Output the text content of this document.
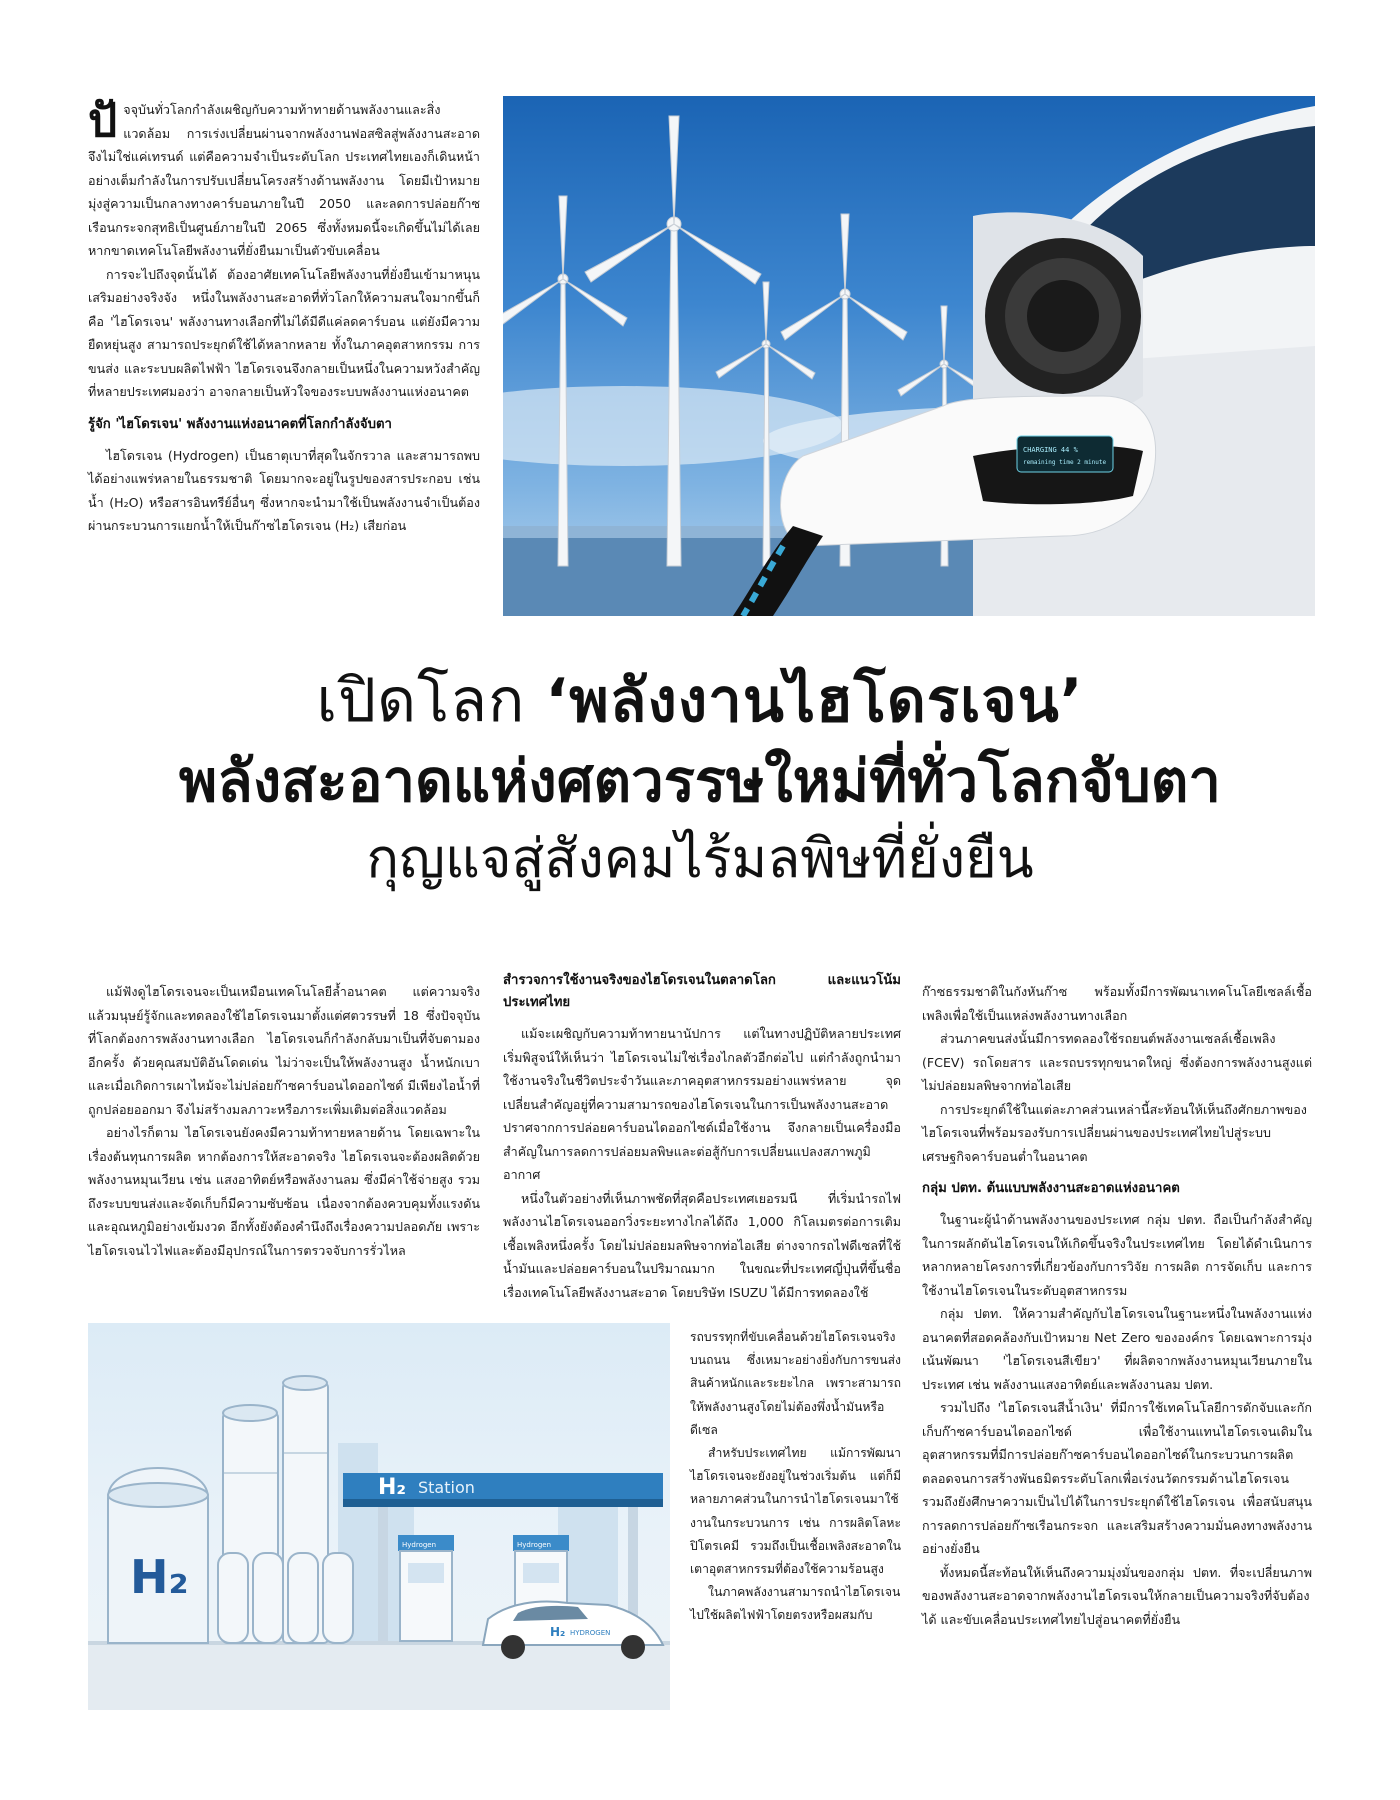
ปัจจุบันทั่วโลกกำลังเผชิญกับความท้าทายด้านพลังงานและสิ่งแวดล้อม การเร่งเปลี่ยนผ่านจากพลังงานฟอสซิลสู่พลังงานสะอาดจึงไม่ใช่แค่เทรนด์ แต่คือความจำเป็นระดับโลก ประเทศไทยเองก็เดินหน้าอย่างเต็มกำลังในการปรับเปลี่ยนโครงสร้างด้านพลังงาน โดยมีเป้าหมายมุ่งสู่ความเป็นกลางทางคาร์บอนภายในปี 2050 และลดการปล่อยก๊าซเรือนกระจกสุทธิเป็นศูนย์ภายในปี 2065 ซึ่งทั้งหมดนี้จะเกิดขึ้นไม่ได้เลยหากขาดเทคโนโลยีพลังงานที่ยั่งยืนมาเป็นตัวขับเคลื่อน

การจะไปถึงจุดนั้นได้ ต้องอาศัยเทคโนโลยีพลังงานที่ยั่งยืนเข้ามาหนุนเสริมอย่างจริงจัง หนึ่งในพลังงานสะอาดที่ทั่วโลกให้ความสนใจมากขึ้นก็คือ 'ไฮโดรเจน' พลังงานทางเลือกที่ไม่ได้มีดีแค่ลดคาร์บอน แต่ยังมีความยืดหยุ่นสูง สามารถประยุกต์ใช้ได้หลากหลาย ทั้งในภาคอุตสาหกรรม การขนส่ง และระบบผลิตไฟฟ้า ไฮโดรเจนจึงกลายเป็นหนึ่งในความหวังสำคัญที่หลายประเทศมองว่า อาจกลายเป็นหัวใจของระบบพลังงานแห่งอนาคต

รู้จัก 'ไฮโดรเจน' พลังงานแห่งอนาคตที่โลกกำลังจับตา

ไฮโดรเจน (Hydrogen) เป็นธาตุเบาที่สุดในจักรวาล และสามารถพบได้อย่างแพร่หลายในธรรมชาติ โดยมากจะอยู่ในรูปของสารประกอบ เช่น น้ำ (H₂O) หรือสารอินทรีย์อื่นๆ ซึ่งหากจะนำมาใช้เป็นพลังงานจำเป็นต้องผ่านกระบวนการแยกน้ำให้เป็นก๊าซไฮโดรเจน (H₂) เสียก่อน

CHARGING 44 %
remaining time 2 minute
เปิดโลก ‘พลังงานไฮโดรเจน’
พลังสะอาดแห่งศตวรรษใหม่ที่ทั่วโลกจับตา
กุญแจสู่สังคมไร้มลพิษที่ยั่งยืน

แม้ฟังดูไฮโดรเจนจะเป็นเหมือนเทคโนโลยีล้ำอนาคต แต่ความจริงแล้วมนุษย์รู้จักและทดลองใช้ไฮโดรเจนมาตั้งแต่ศตวรรษที่ 18 ซึ่งปัจจุบันที่โลกต้องการพลังงานทางเลือก ไฮโดรเจนก็กำลังกลับมาเป็นที่จับตามองอีกครั้ง ด้วยคุณสมบัติอันโดดเด่น ไม่ว่าจะเป็นให้พลังงานสูง น้ำหนักเบา และเมื่อเกิดการเผาไหม้จะไม่ปล่อยก๊าซคาร์บอนไดออกไซด์ มีเพียงไอน้ำที่ถูกปล่อยออกมา จึงไม่สร้างมลภาวะหรือภาระเพิ่มเติมต่อสิ่งแวดล้อม

อย่างไรก็ตาม ไฮโดรเจนยังคงมีความท้าทายหลายด้าน โดยเฉพาะในเรื่องต้นทุนการผลิต หากต้องการให้สะอาดจริง ไฮโดรเจนจะต้องผลิตด้วยพลังงานหมุนเวียน เช่น แสงอาทิตย์หรือพลังงานลม ซึ่งมีค่าใช้จ่ายสูง รวมถึงระบบขนส่งและจัดเก็บก็มีความซับซ้อน เนื่องจากต้องควบคุมทั้งแรงดันและอุณหภูมิอย่างเข้มงวด อีกทั้งยังต้องคำนึงถึงเรื่องความปลอดภัย เพราะไฮโดรเจนไวไฟและต้องมีอุปกรณ์ในการตรวจจับการรั่วไหล

สำรวจการใช้งานจริงของไฮโดรเจนในตลาดโลก และแนวโน้มประเทศไทย

แม้จะเผชิญกับความท้าทายนานัปการ แต่ในทางปฏิบัติหลายประเทศเริ่มพิสูจน์ให้เห็นว่า ไฮโดรเจนไม่ใช่เรื่องไกลตัวอีกต่อไป แต่กำลังถูกนำมาใช้งานจริงในชีวิตประจำวันและภาคอุตสาหกรรมอย่างแพร่หลาย จุดเปลี่ยนสำคัญอยู่ที่ความสามารถของไฮโดรเจนในการเป็นพลังงานสะอาด ปราศจากการปล่อยคาร์บอนไดออกไซด์เมื่อใช้งาน จึงกลายเป็นเครื่องมือสำคัญในการลดการปล่อยมลพิษและต่อสู้กับการเปลี่ยนแปลงสภาพภูมิอากาศ

หนึ่งในตัวอย่างที่เห็นภาพชัดที่สุดคือประเทศเยอรมนี ที่เริ่มนำรถไฟพลังงานไฮโดรเจนออกวิ่งระยะทางไกลได้ถึง 1,000 กิโลเมตรต่อการเติมเชื้อเพลิงหนึ่งครั้ง โดยไม่ปล่อยมลพิษจากท่อไอเสีย ต่างจากรถไฟดีเซลที่ใช้น้ำมันและปล่อยคาร์บอนในปริมาณมาก ในขณะที่ประเทศญี่ปุ่นที่ขึ้นชื่อเรื่องเทคโนโลยีพลังงานสะอาด โดยบริษัท ISUZU ได้มีการทดลองใช้

รถบรรทุกที่ขับเคลื่อนด้วยไฮโดรเจนจริงบนถนน ซึ่งเหมาะอย่างยิ่งกับการขนส่งสินค้าหนักและระยะไกล เพราะสามารถให้พลังงานสูงโดยไม่ต้องพึ่งน้ำมันหรือดีเซล

สำหรับประเทศไทย แม้การพัฒนาไฮโดรเจนจะยังอยู่ในช่วงเริ่มต้น แต่ก็มีหลายภาคส่วนในการนำไฮโดรเจนมาใช้งานในกระบวนการ เช่น การผลิตโลหะ ปิโตรเคมี รวมถึงเป็นเชื้อเพลิงสะอาดในเตาอุตสาหกรรมที่ต้องใช้ความร้อนสูง

ในภาคพลังงานสามารถนำไฮโดรเจนไปใช้ผลิตไฟฟ้าโดยตรงหรือผสมกับ

ก๊าซธรรมชาติในกังหันก๊าซ พร้อมทั้งมีการพัฒนาเทคโนโลยีเซลล์เชื้อเพลิงเพื่อใช้เป็นแหล่งพลังงานทางเลือก

ส่วนภาคขนส่งนั้นมีการทดลองใช้รถยนต์พลังงานเซลล์เชื้อเพลิง (FCEV) รถโดยสาร และรถบรรทุกขนาดใหญ่ ซึ่งต้องการพลังงานสูงแต่ไม่ปล่อยมลพิษจากท่อไอเสีย

การประยุกต์ใช้ในแต่ละภาคส่วนเหล่านี้สะท้อนให้เห็นถึงศักยภาพของไฮโดรเจนที่พร้อมรองรับการเปลี่ยนผ่านของประเทศไทยไปสู่ระบบเศรษฐกิจคาร์บอนต่ำในอนาคต

กลุ่ม ปตท. ต้นแบบพลังงานสะอาดแห่งอนาคต

ในฐานะผู้นำด้านพลังงานของประเทศ กลุ่ม ปตท. ถือเป็นกำลังสำคัญในการผลักดันไฮโดรเจนให้เกิดขึ้นจริงในประเทศไทย โดยได้ดำเนินการหลากหลายโครงการที่เกี่ยวข้องกับการวิจัย การผลิต การจัดเก็บ และการใช้งานไฮโดรเจนในระดับอุตสาหกรรม

กลุ่ม ปตท. ให้ความสำคัญกับไฮโดรเจนในฐานะหนึ่งในพลังงานแห่งอนาคตที่สอดคล้องกับเป้าหมาย Net Zero ขององค์กร โดยเฉพาะการมุ่งเน้นพัฒนา 'ไฮโดรเจนสีเขียว' ที่ผลิตจากพลังงานหมุนเวียนภายในประเทศ เช่น พลังงานแสงอาทิตย์และพลังงานลม ปตท.

รวมไปถึง 'ไฮโดรเจนสีน้ำเงิน' ที่มีการใช้เทคโนโลยีการดักจับและกักเก็บก๊าซคาร์บอนไดออกไซด์ เพื่อใช้งานแทนไฮโดรเจนเดิมในอุตสาหกรรมที่มีการปล่อยก๊าซคาร์บอนไดออกไซด์ในกระบวนการผลิต ตลอดจนการสร้างพันธมิตรระดับโลกเพื่อเร่งนวัตกรรมด้านไฮโดรเจน รวมถึงยังศึกษาความเป็นไปได้ในการประยุกต์ใช้ไฮโดรเจน เพื่อสนับสนุนการลดการปล่อยก๊าซเรือนกระจก และเสริมสร้างความมั่นคงทางพลังงานอย่างยั่งยืน

ทั้งหมดนี้สะท้อนให้เห็นถึงความมุ่งมั่นของกลุ่ม ปตท. ที่จะเปลี่ยนภาพของพลังงานสะอาดจากพลังงานไฮโดรเจนให้กลายเป็นความจริงที่จับต้องได้ และขับเคลื่อนประเทศไทยไปสู่อนาคตที่ยั่งยืน

H₂
H₂ Station
Hydrogen	Hydrogen
H₂ HYDROGEN
